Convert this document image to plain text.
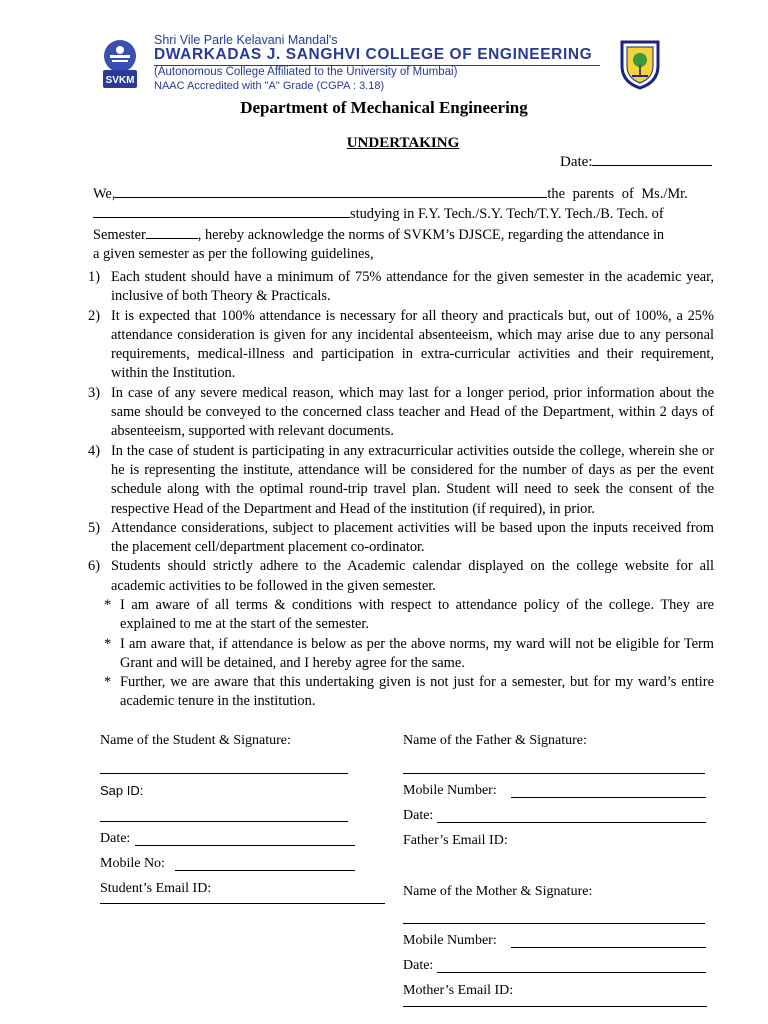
SVKM
Shri Vile Parle Kelavani Mandal's
DWARKADAS J. SANGHVI COLLEGE OF ENGINEERING
(Autonomous College Affiliated to the University of Mumbai)
NAAC Accredited with "A" Grade (CGPA : 3.18)
Department of Mechanical Engineering
UNDERTAKING
Date:
We,	the parents of Ms./Mr.
studying in F.Y. Tech./S.Y. Tech/T.Y. Tech./B. Tech. of
Semester	, hereby acknowledge the norms of SVKM’s DJSCE, regarding the attendance in
a given semester as per the following guidelines,
1) Each student should have a minimum of 75% attendance for the given semester in the academic year, inclusive of both Theory & Practicals.
2) It is expected that 100% attendance is necessary for all theory and practicals but, out of 100%, a 25% attendance consideration is given for any incidental absenteeism, which may arise due to any personal requirements, medical-illness and participation in extra-curricular activities and their requirement, within the Institution.
3) In case of any severe medical reason, which may last for a longer period, prior information about the same should be conveyed to the concerned class teacher and Head of the Department, within 2 days of absenteeism, supported with relevant documents.
4) In the case of student is participating in any extracurricular activities outside the college, wherein she or he is representing the institute, attendance will be considered for the number of days as per the event schedule along with the optimal round-trip travel plan. Student will need to seek the consent of the respective Head of the Department and Head of the institution (if required), in prior.
5) Attendance considerations, subject to placement activities will be based upon the inputs received from the placement cell/department placement co-ordinator.
6) Students should strictly adhere to the Academic calendar displayed on the college website for all academic activities to be followed in the given semester.
* I am aware of all terms & conditions with respect to attendance policy of the college. They are explained to me at the start of the semester.
* I am aware that, if attendance is below as per the above norms, my ward will not be eligible for Term Grant and will be detained, and I hereby agree for the same.
* Further, we are aware that this undertaking given is not just for a semester, but for my ward’s entire academic tenure in the institution.
Name of the Student & Signature:
Sap ID:
Date:
Mobile No:
Student’s Email ID:
Name of the Father & Signature:
Mobile Number:
Date:
Father’s Email ID:
Name of the Mother & Signature:
Mobile Number:
Date:
Mother’s Email ID:
